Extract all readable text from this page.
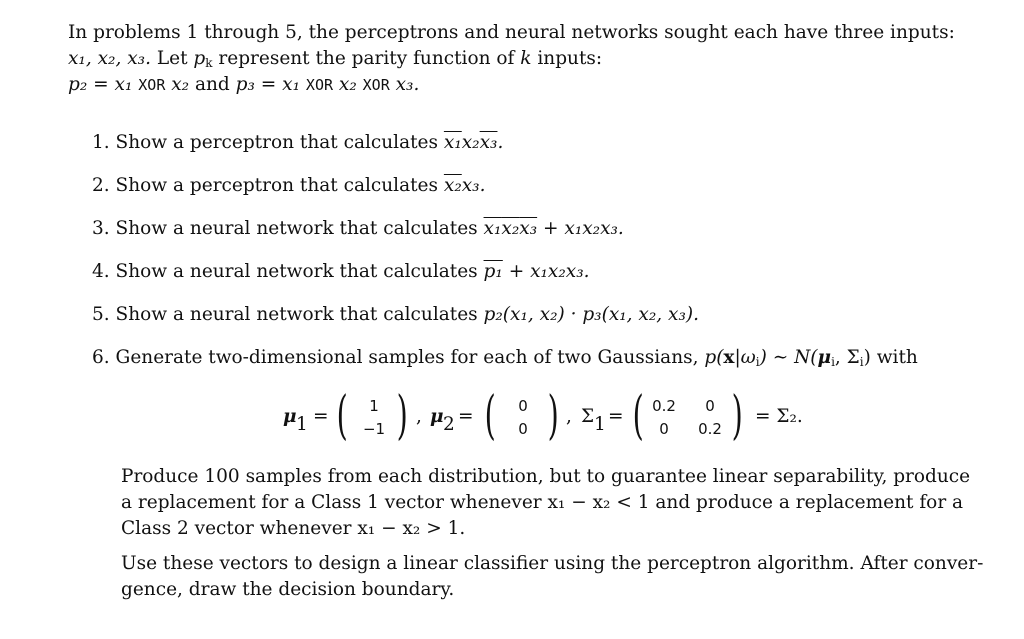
In problems 1 through 5, the perceptrons and neural networks sought each have three inputs:
x₁, x₂, x₃. Let $p_k$ represent the parity function of k inputs:
p₂ = x₁ XOR x₂ and p₃ = x₁ XOR x₂ XOR x₃.
1. Show a perceptron that calculates x₁x₂x₃.
2. Show a perceptron that calculates x₂x₃.
3. Show a neural network that calculates x₁x₂x₃ + x₁x₂x₃.
4. Show a neural network that calculates p₁ + x₁x₂x₃.
5. Show a neural network that calculates p₂(x₁, x₂) · p₃(x₁, x₂, x₃).
6. Generate two-dimensional samples for each of two Gaussians, $p(x|\omega_i)$ ∼ $N(\mu_i$, $\Sigma_i$) with
μ 1 = (	1
−1 ) , μ 2 = (	0
0 ) , Σ 1 = ( 0.2	0
0	0.2 ) = Σ₂.
Produce 100 samples from each distribution, but to guarantee linear separability, produce
a replacement for a Class 1 vector whenever x₁ − x₂ < 1 and produce a replacement for a
Class 2 vector whenever x₁ − x₂ > 1.
Use these vectors to design a linear classifier using the perceptron algorithm. After conver-
gence, draw the decision boundary.
